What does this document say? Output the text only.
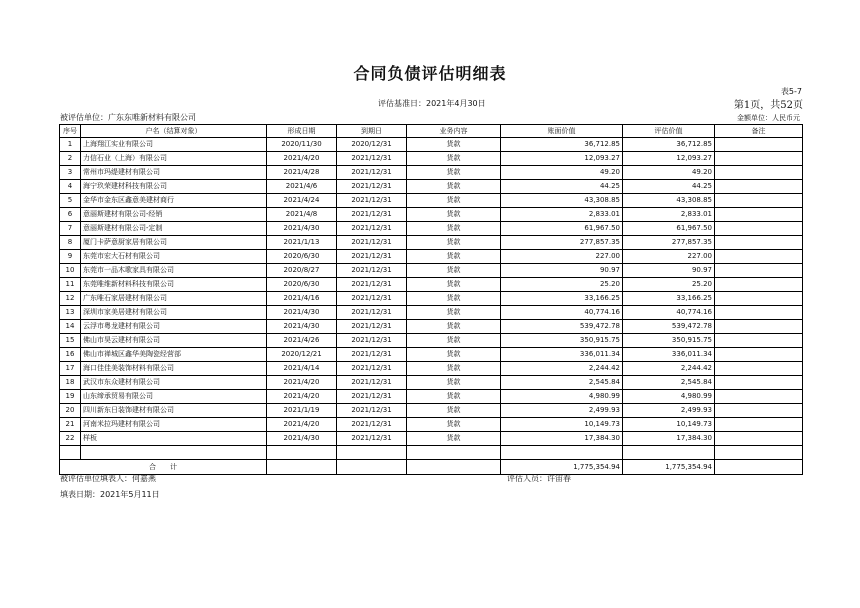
合同负债评估明细表
表5-7
评估基准日：2021年4月30日	第1页，共52页
被评估单位：广东东唯新材料有限公司	金额单位：人民币元
序号	户名（结算对象）	形成日期	到期日	业务内容	账面价值	评估价值	备注
1	上海翔江实业有限公司	2020/11/30	2020/12/31	货款	36,712.85	36,712.85	
2	力信石业（上海）有限公司	2021/4/20	2021/12/31	货款	12,093.27	12,093.27	
3	常州市玛缇建材有限公司	2021/4/28	2021/12/31	货款	49.20	49.20	
4	海宁玖荣建材科技有限公司	2021/4/6	2021/12/31	货款	44.25	44.25	
5	金华市金东区鑫意美建材商行	2021/4/24	2021/12/31	货款	43,308.85	43,308.85	
6	意丽斯建材有限公司-经销	2021/4/8	2021/12/31	货款	2,833.01	2,833.01	
7	意丽斯建材有限公司-定制	2021/4/30	2021/12/31	货款	61,967.50	61,967.50	
8	厦门卡萨意厨家居有限公司	2021/1/13	2021/12/31	货款	277,857.35	277,857.35	
9	东莞市宏大石材有限公司	2020/6/30	2021/12/31	货款	227.00	227.00	
10	东莞市一品木歌家具有限公司	2020/8/27	2021/12/31	货款	90.97	90.97	
11	东莞唯维新材料科技有限公司	2020/6/30	2021/12/31	货款	25.20	25.20	
12	广东唯石家居建材有限公司	2021/4/16	2021/12/31	货款	33,166.25	33,166.25	
13	深圳市家美居建材有限公司	2021/4/30	2021/12/31	货款	40,774.16	40,774.16	
14	云浮市粤龙建材有限公司	2021/4/30	2021/12/31	货款	539,472.78	539,472.78	
15	佛山市昊云建材有限公司	2021/4/26	2021/12/31	货款	350,915.75	350,915.75	
16	佛山市禅城区鑫华美陶瓷经营部	2020/12/21	2021/12/31	货款	336,011.34	336,011.34	
17	海口佳佳美装饰材料有限公司	2021/4/14	2021/12/31	货款	2,244.42	2,244.42	
18	武汉市东众建材有限公司	2021/4/20	2021/12/31	货款	2,545.84	2,545.84	
19	山东缔承贸易有限公司	2021/4/20	2021/12/31	货款	4,980.99	4,980.99	
20	四川新东日装饰建材有限公司	2021/1/19	2021/12/31	货款	2,499.93	2,499.93	
21	河南米拉玛建材有限公司	2021/4/20	2021/12/31	货款	10,149.73	10,149.73	
22	样板	2021/4/30	2021/12/31	货款	17,384.30	17,384.30	

合　　计					1,775,354.94	1,775,354.94	
被评估单位填表人：何嘉燕	评估人员：许宙春
填表日期：2021年5月11日
